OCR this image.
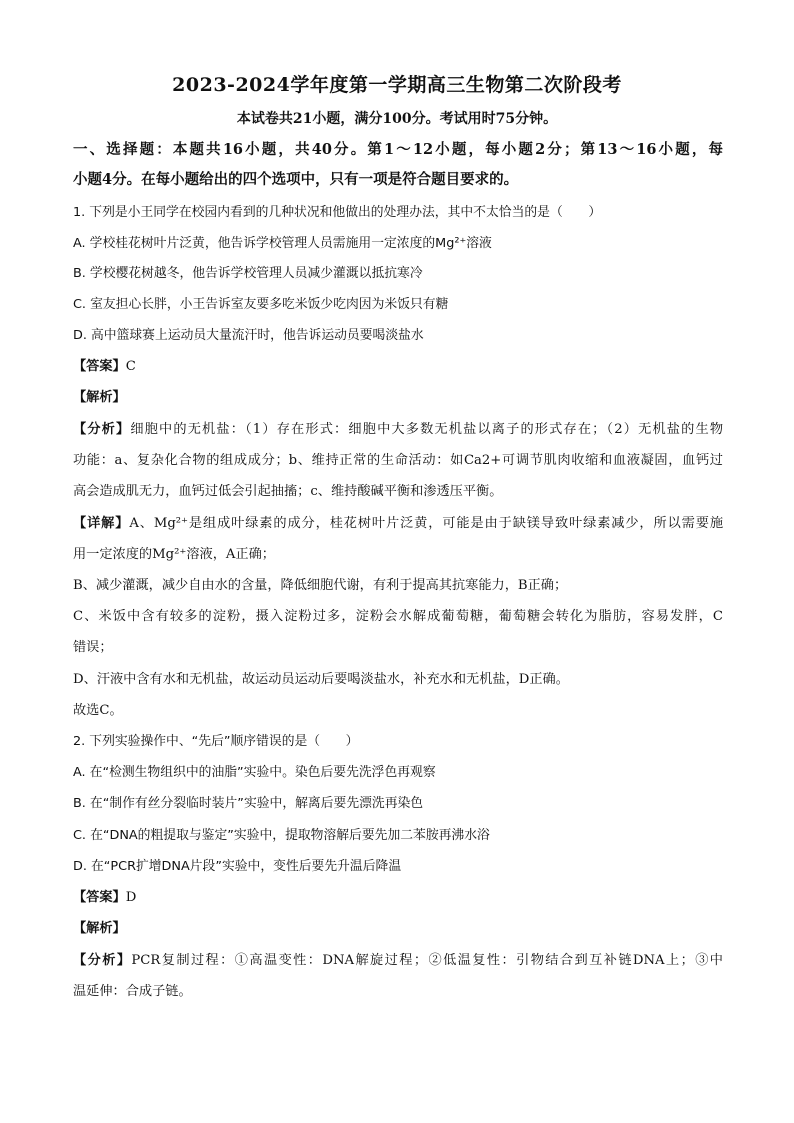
2023-2024学年度第一学期高三生物第二次阶段考
本试卷共21小题，满分100分。考试用时75分钟。
一、选择题：本题共16小题，共40分。第1～12小题，每小题2分；第13～16小题，每
小题4分。在每小题给出的四个选项中，只有一项是符合题目要求的。
1. 下列是小王同学在校园内看到的几种状况和他做出的处理办法，其中不太恰当的是（　　）
A. 学校桂花树叶片泛黄，他告诉学校管理人员需施用一定浓度的Mg²⁺溶液
B. 学校樱花树越冬，他告诉学校管理人员减少灌溉以抵抗寒冷
C. 室友担心长胖，小王告诉室友要多吃米饭少吃肉因为米饭只有糖
D. 高中篮球赛上运动员大量流汗时，他告诉运动员要喝淡盐水
【答案】C
【解析】
【分析】细胞中的无机盐：（1）存在形式：细胞中大多数无机盐以离子的形式存在；（2）无机盐的生物
功能：a、复杂化合物的组成成分；b、维持正常的生命活动：如Ca2+可调节肌肉收缩和血液凝固，血钙过
高会造成肌无力，血钙过低会引起抽搐；c、维持酸碱平衡和渗透压平衡。
【详解】A、Mg²⁺是组成叶绿素的成分，桂花树叶片泛黄，可能是由于缺镁导致叶绿素减少，所以需要施
用一定浓度的Mg²⁺溶液，A正确；
B、减少灌溉，减少自由水的含量，降低细胞代谢，有利于提高其抗寒能力，B正确；
C、米饭中含有较多的淀粉，摄入淀粉过多，淀粉会水解成葡萄糖，葡萄糖会转化为脂肪，容易发胖，C
错误；
D、汗液中含有水和无机盐，故运动员运动后要喝淡盐水，补充水和无机盐，D正确。
故选C。
2. 下列实验操作中、“先后”顺序错误的是（　　）
A. 在“检测生物组织中的油脂”实验中。染色后要先洗浮色再观察
B. 在“制作有丝分裂临时装片”实验中，解离后要先漂洗再染色
C. 在“DNA的粗提取与鉴定”实验中，提取物溶解后要先加二苯胺再沸水浴
D. 在“PCR扩增DNA片段”实验中，变性后要先升温后降温
【答案】D
【解析】
【分析】PCR复制过程：①高温变性：DNA解旋过程；②低温复性：引物结合到互补链DNA上；③中
温延伸：合成子链。
